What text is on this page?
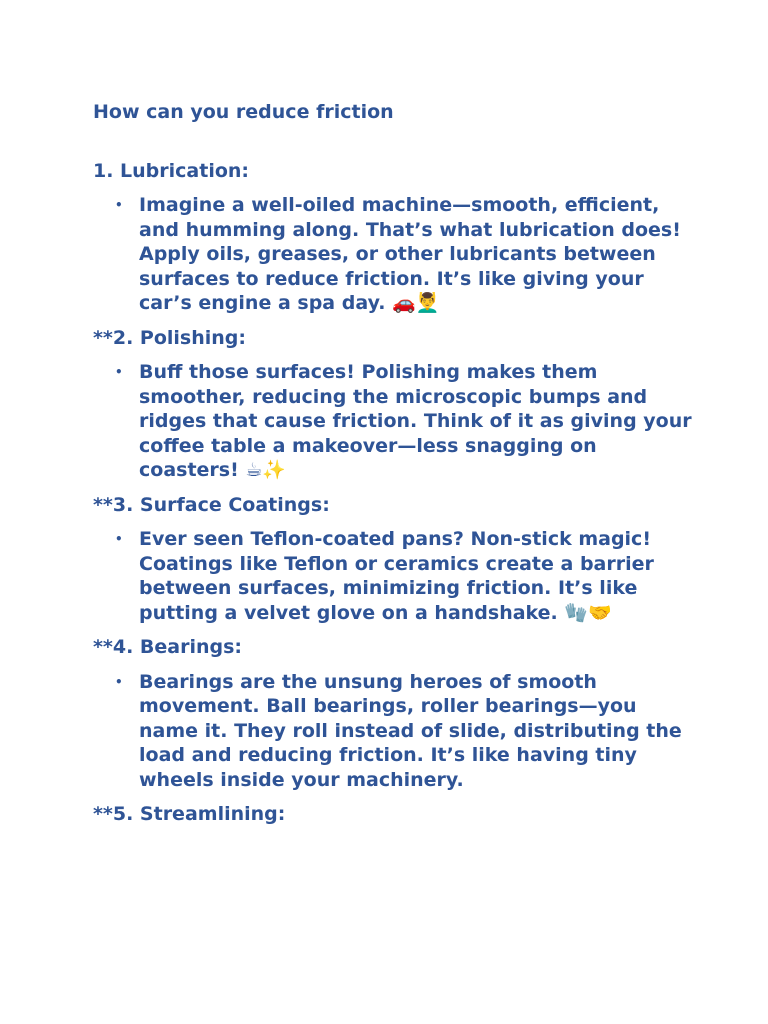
How can you reduce friction
1. Lubrication:
• Imagine a well-oiled machine—smooth, efficient, and humming along. That’s what lubrication does! Apply oils, greases, or other lubricants between surfaces to reduce friction. It’s like giving your car’s engine a spa day. 🚗💆‍♂️
**2. Polishing:
• Buff those surfaces! Polishing makes them smoother, reducing the microscopic bumps and ridges that cause friction. Think of it as giving your coffee table a makeover—less snagging on coasters! ☕✨
**3. Surface Coatings:
• Ever seen Teflon-coated pans? Non-stick magic! Coatings like Teflon or ceramics create a barrier between surfaces, minimizing friction. It’s like putting a velvet glove on a handshake. 🧤🤝
**4. Bearings:
• Bearings are the unsung heroes of smooth movement. Ball bearings, roller bearings—you name it. They roll instead of slide, distributing the load and reducing friction. It’s like having tiny wheels inside your machinery.
**5. Streamlining:
